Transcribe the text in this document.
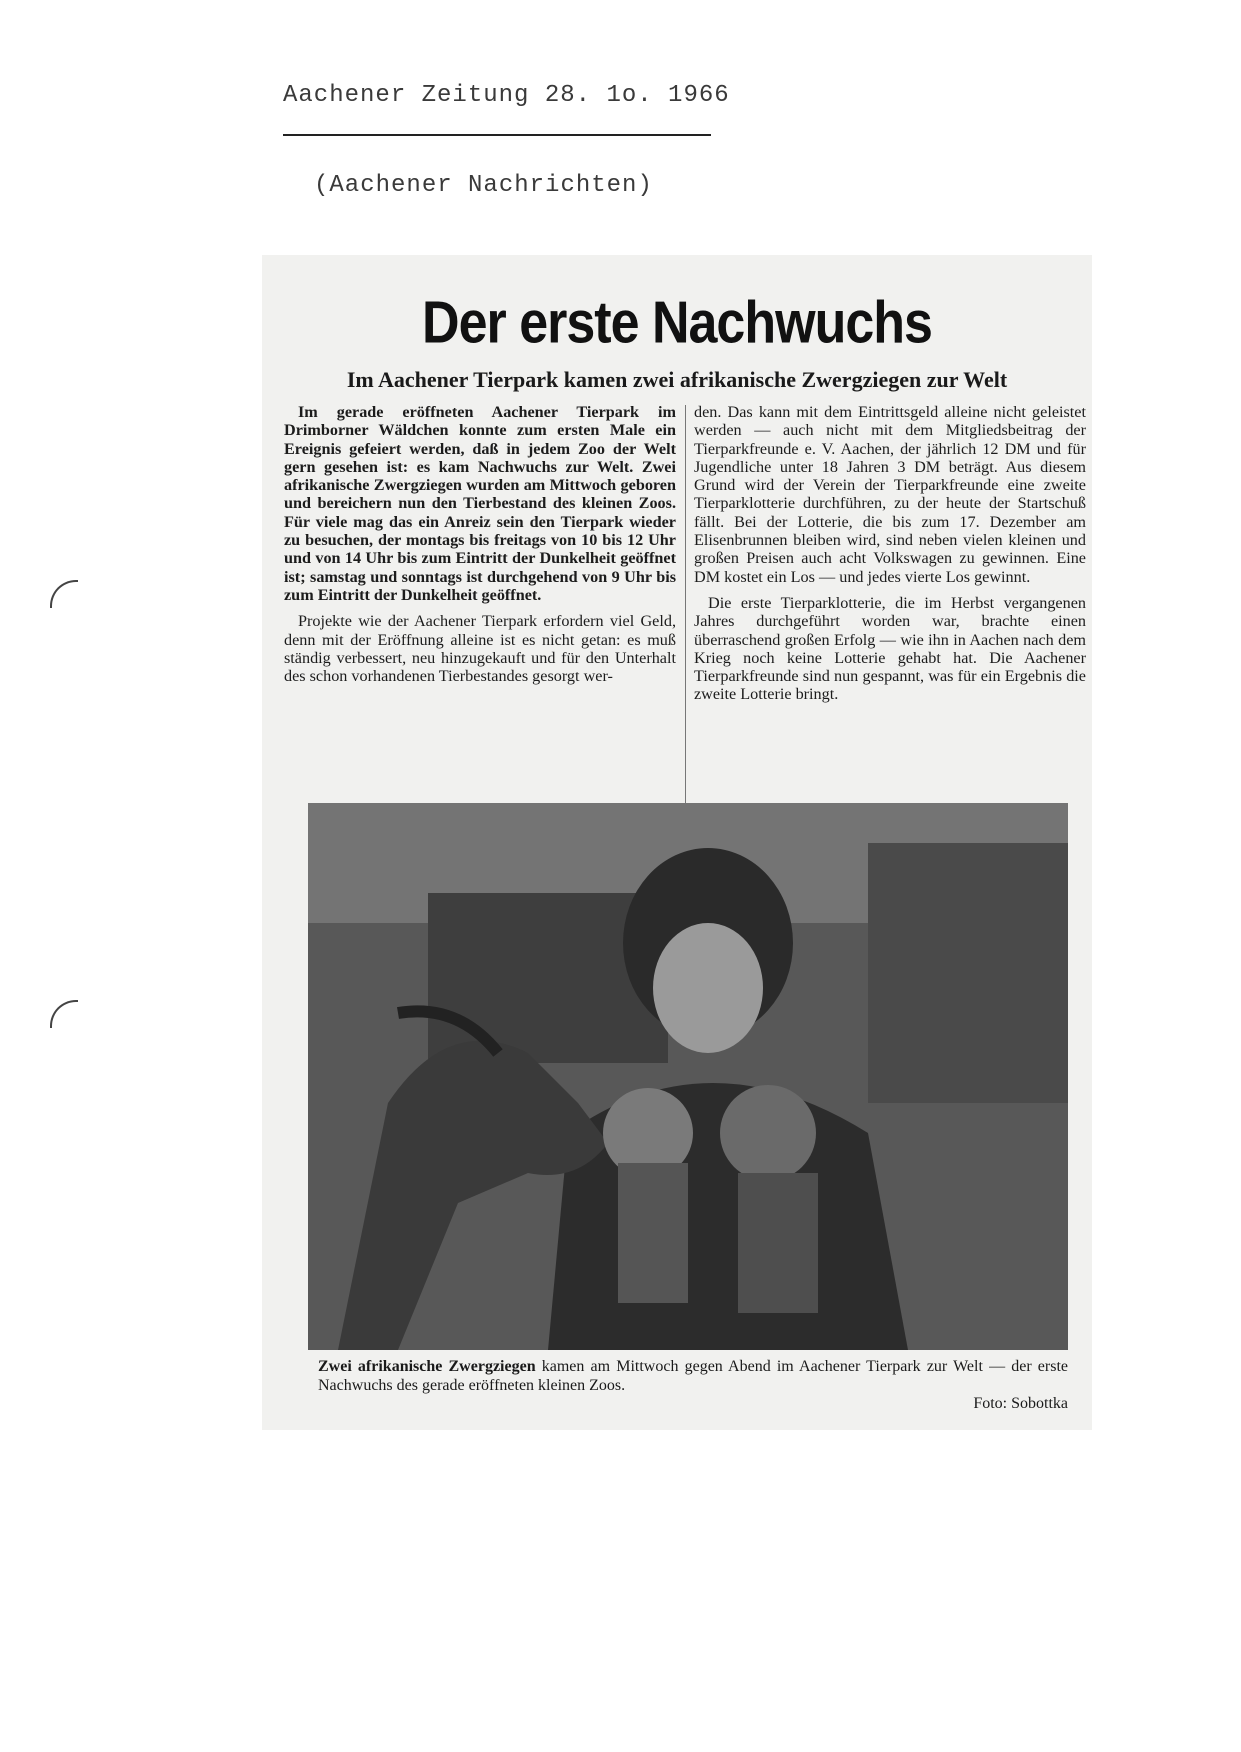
Aachener Zeitung 28. 1o. 1966
(Aachener Nachrichten)
Der erste Nachwuchs
Im Aachener Tierpark kamen zwei afrikanische Zwergziegen zur Welt

Im gerade eröffneten Aachener Tierpark im Drimborner Wäldchen konnte zum ersten Male ein Ereignis gefeiert werden, daß in jedem Zoo der Welt gern gesehen ist: es kam Nachwuchs zur Welt. Zwei afrikanische Zwergziegen wurden am Mittwoch geboren und bereichern nun den Tierbestand des kleinen Zoos. Für viele mag das ein Anreiz sein den Tierpark wieder zu besuchen, der montags bis freitags von 10 bis 12 Uhr und von 14 Uhr bis zum Eintritt der Dunkelheit geöffnet ist; samstag und sonntags ist durchgehend von 9 Uhr bis zum Eintritt der Dunkelheit geöffnet.

Projekte wie der Aachener Tierpark erfordern viel Geld, denn mit der Eröffnung alleine ist es nicht getan: es muß ständig verbessert, neu hinzugekauft und für den Unterhalt des schon vorhandenen Tierbestandes gesorgt wer-

den. Das kann mit dem Eintrittsgeld alleine nicht geleistet werden — auch nicht mit dem Mitgliedsbeitrag der Tierparkfreunde e. V. Aachen, der jährlich 12 DM und für Jugendliche unter 18 Jahren 3 DM beträgt. Aus diesem Grund wird der Verein der Tierparkfreunde eine zweite Tierparklotterie durchführen, zu der heute der Startschuß fällt. Bei der Lotterie, die bis zum 17. Dezember am Elisenbrunnen bleiben wird, sind neben vielen kleinen und großen Preisen auch acht Volkswagen zu gewinnen. Eine DM kostet ein Los — und jedes vierte Los gewinnt.

Die erste Tierparklotterie, die im Herbst vergangenen Jahres durchgeführt worden war, brachte einen überraschend großen Erfolg — wie ihn in Aachen nach dem Krieg noch keine Lotterie gehabt hat. Die Aachener Tierparkfreunde sind nun gespannt, was für ein Ergebnis die zweite Lotterie bringt.

Zwei afrikanische Zwergziegen kamen am Mittwoch gegen Abend im Aachener Tierpark zur Welt — der erste Nachwuchs des gerade eröffneten kleinen Zoos.
Foto: Sobottka
